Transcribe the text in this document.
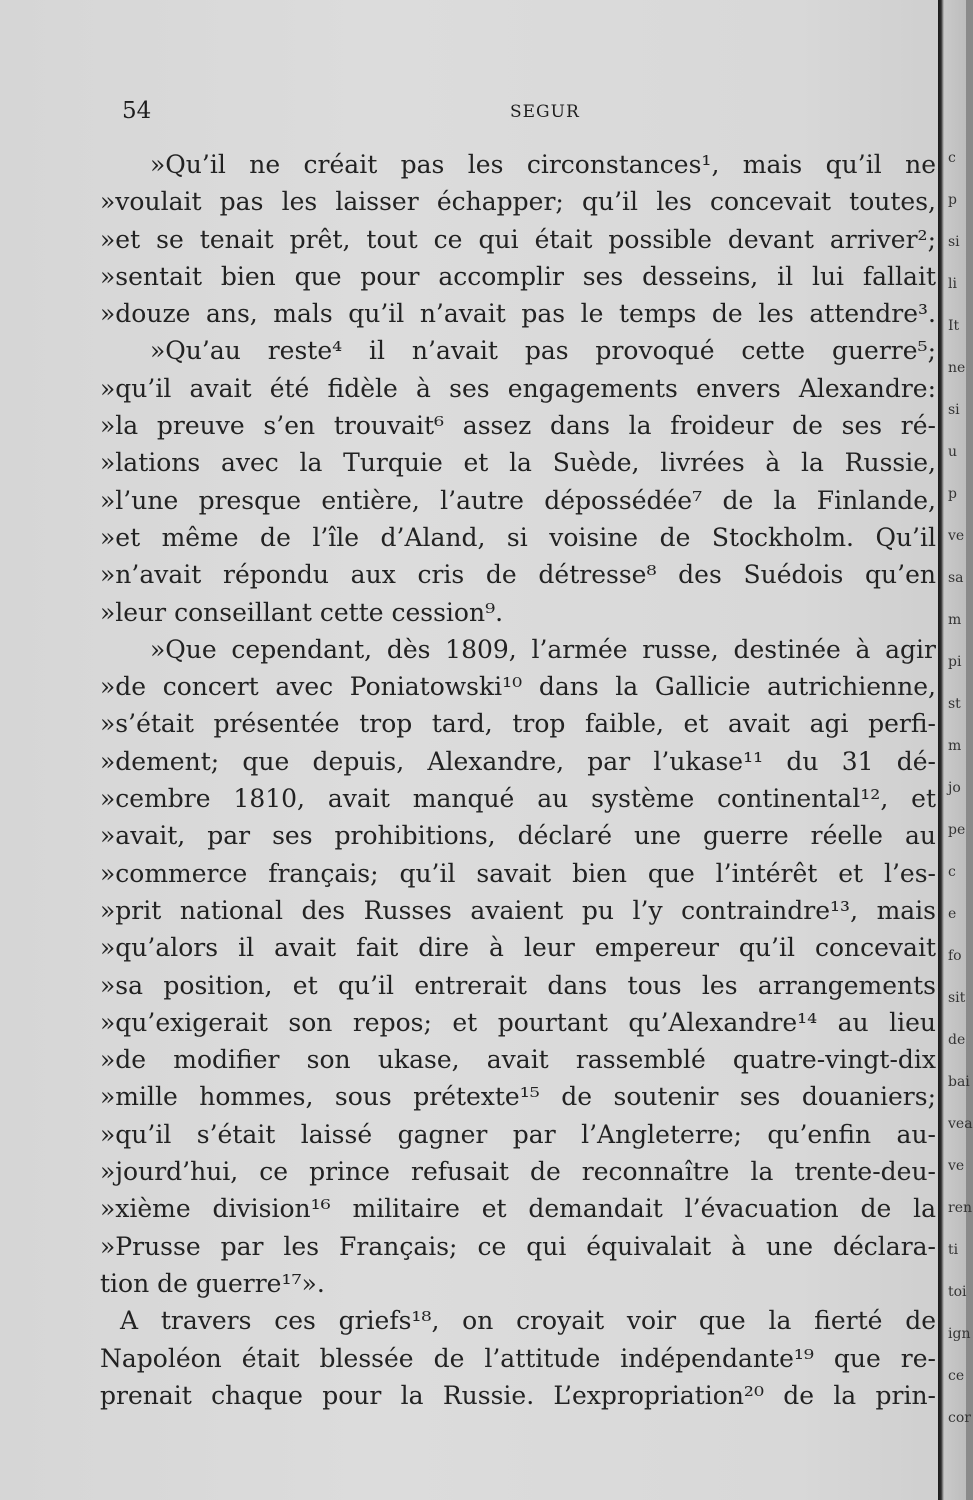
54	SEGUR
»Qu’il ne créait pas les circonstances¹, mais qu’il ne
»voulait pas les laisser échapper; qu’il les concevait toutes,
»et se tenait prêt, tout ce qui était possible devant arriver²;
»sentait bien que pour accomplir ses desseins, il lui fallait
»douze ans, mals qu’il n’avait pas le temps de les attendre³.
»Qu’au reste⁴ il n’avait pas provoqué cette guerre⁵;
»qu’il avait été fidèle à ses engagements envers Alexandre:
»la preuve s’en trouvait⁶ assez dans la froideur de ses ré-
»lations avec la Turquie et la Suède, livrées à la Russie,
»l’une presque entière, l’autre dépossédée⁷ de la Finlande,
»et même de l’île d’Aland, si voisine de Stockholm. Qu’il
»n’avait répondu aux cris de détresse⁸ des Suédois qu’en
»leur conseillant cette cession⁹.
»Que cependant, dès 1809, l’armée russe, destinée à agir
»de concert avec Poniatowski¹⁰ dans la Gallicie autrichienne,
»s’était présentée trop tard, trop faible, et avait agi perfi-
»dement; que depuis, Alexandre, par l’ukase¹¹ du 31 dé-
»cembre 1810, avait manqué au système continental¹², et
»avait, par ses prohibitions, déclaré une guerre réelle au
»commerce français; qu’il savait bien que l’intérêt et l’es-
»prit national des Russes avaient pu l’y contraindre¹³, mais
»qu’alors il avait fait dire à leur empereur qu’il concevait
»sa position, et qu’il entrerait dans tous les arrangements
»qu’exigerait son repos; et pourtant qu’Alexandre¹⁴ au lieu
»de modifier son ukase, avait rassemblé quatre-vingt-dix
»mille hommes, sous prétexte¹⁵ de soutenir ses douaniers;
»qu’il s’était laissé gagner par l’Angleterre; qu’enfin au-
»jourd’hui, ce prince refusait de reconnaître la trente-deu-
»xième division¹⁶ militaire et demandait l’évacuation de la
»Prusse par les Français; ce qui équivalait à une déclara-
tion de guerre¹⁷».
A travers ces griefs¹⁸, on croyait voir que la fierté de
Napoléon était blessée de l’attitude indépendante¹⁹ que re-
prenait chaque pour la Russie. L’expropriation²⁰ de la prin-
c
p
si
li
It
ne
si
u
p
ve
sa
m
pi
st
m
jo
pe
c
e
fo
sit
de
bai
vea
ve
ren
ti
toi
ign
ce
cor
